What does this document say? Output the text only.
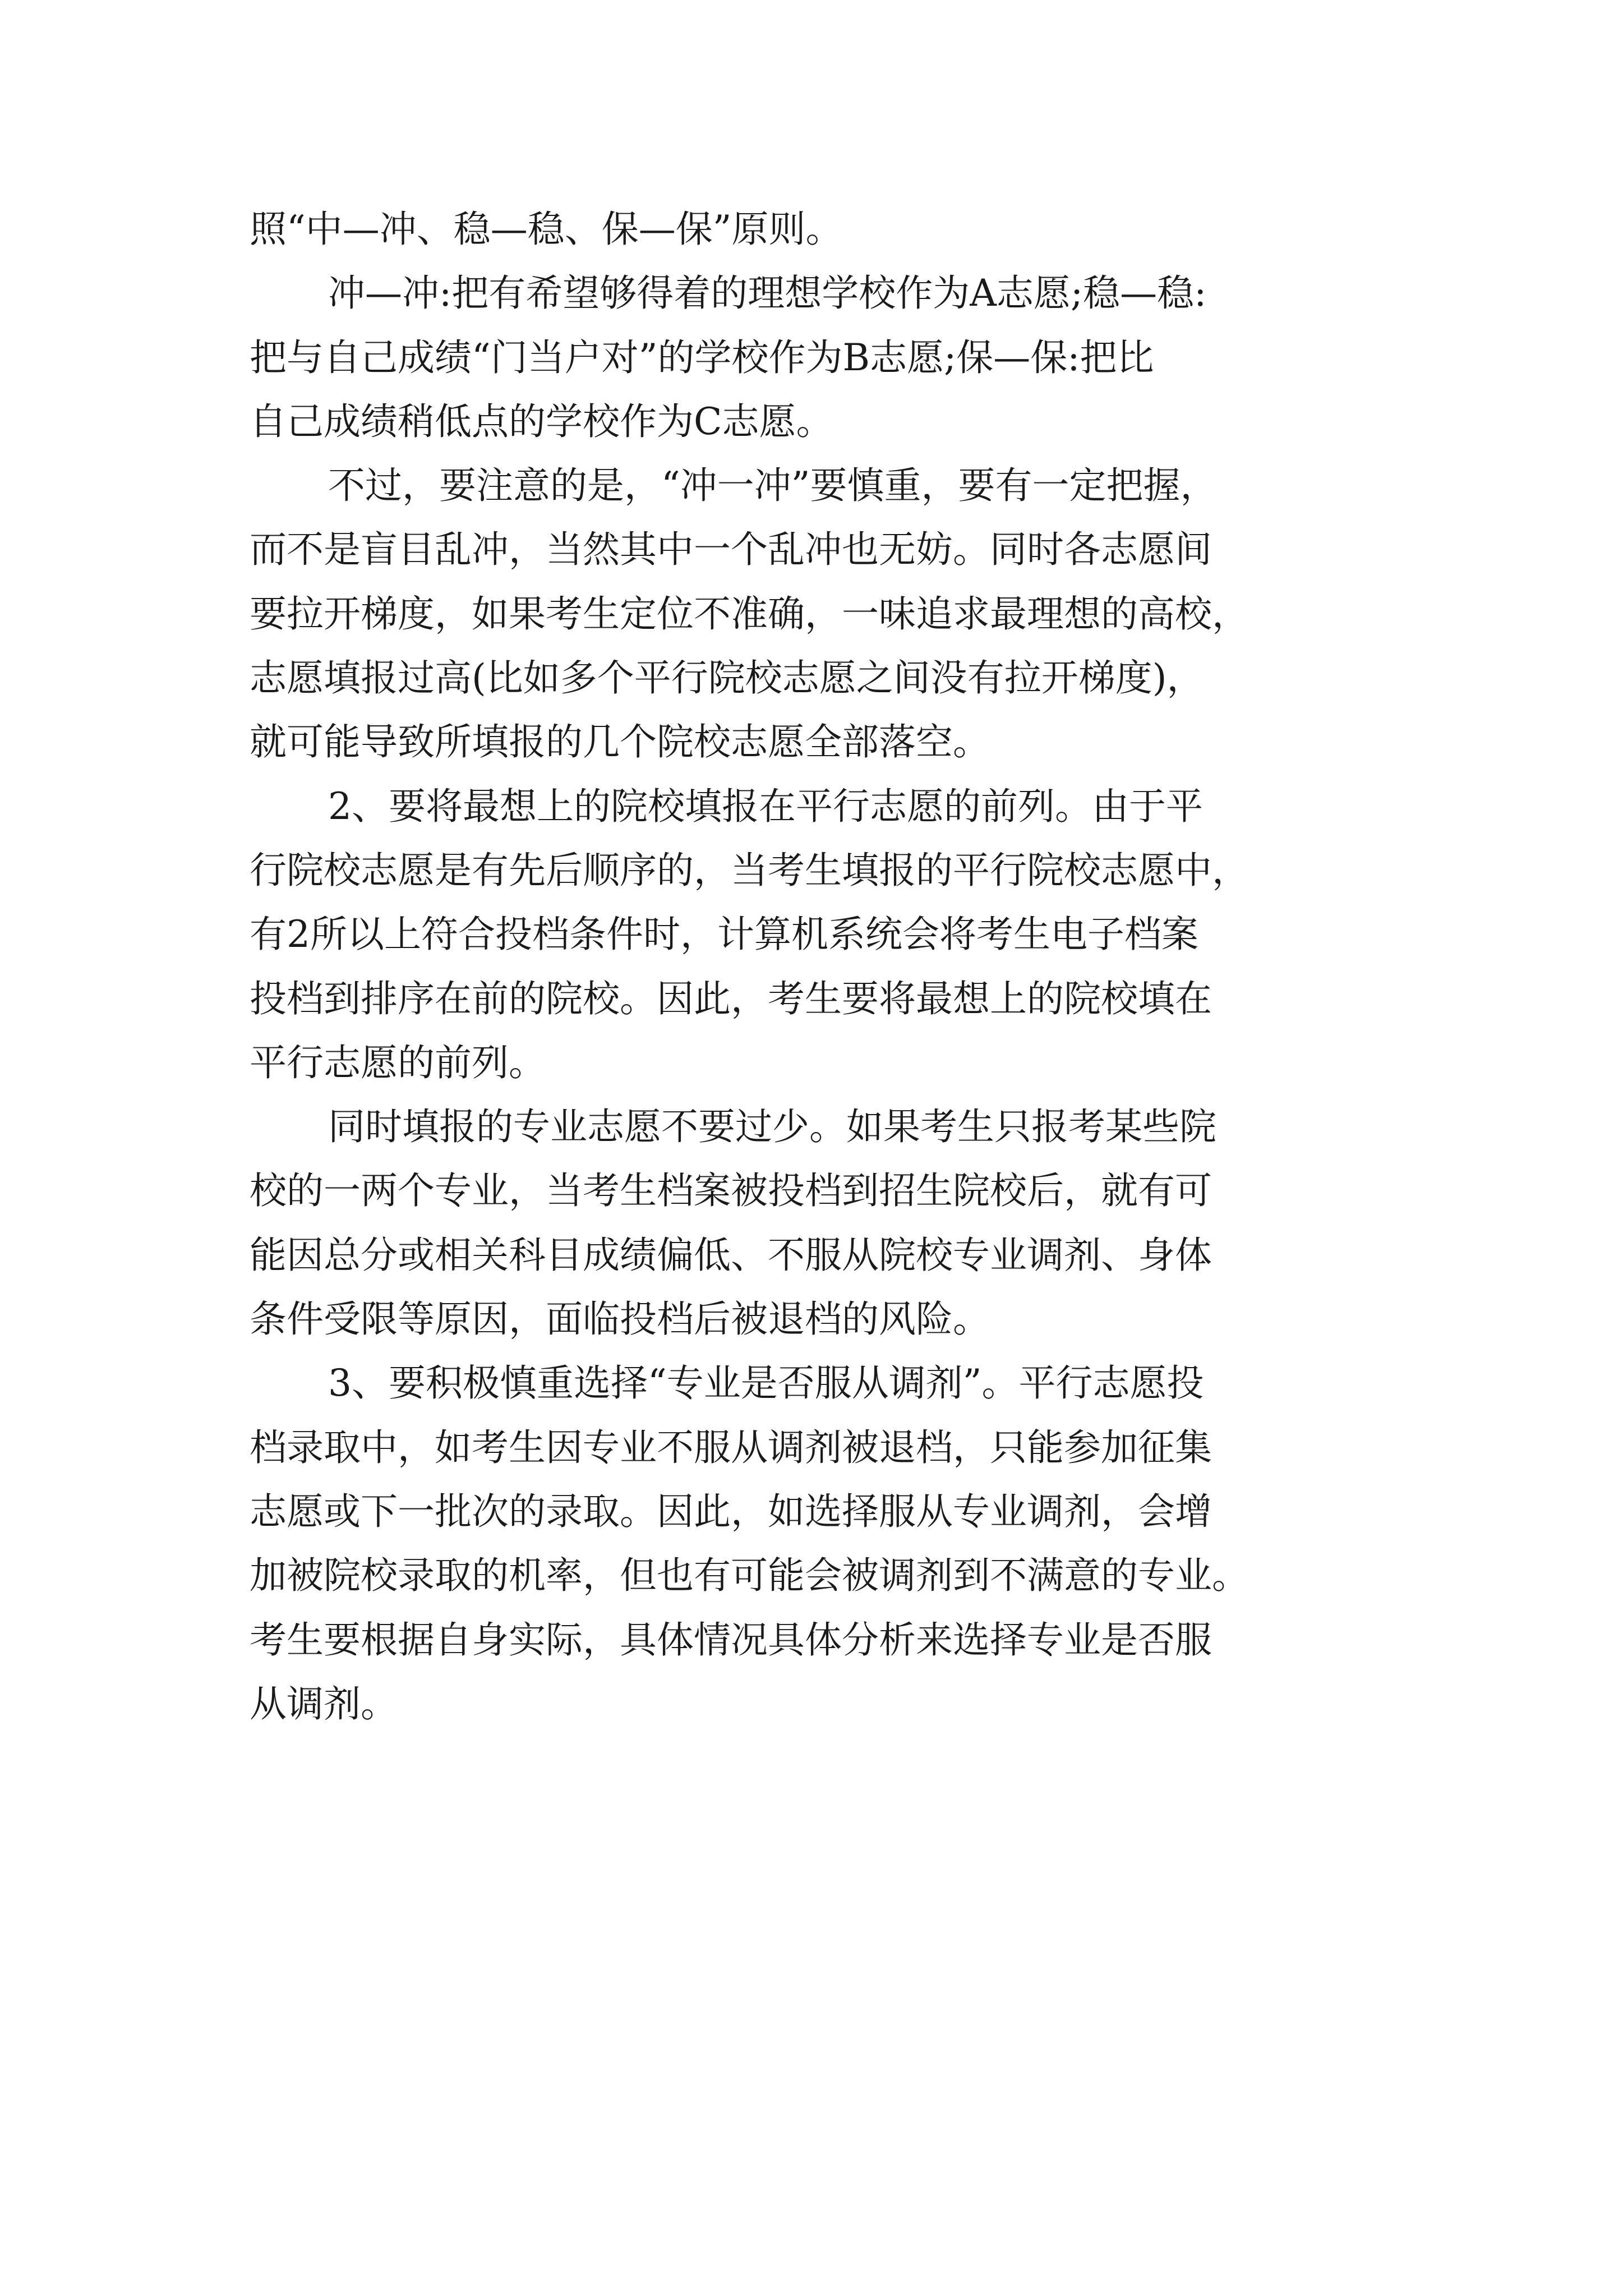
照“中—冲、稳—稳、保—保”原则。
冲—冲:把有希望够得着的理想学校作为A志愿;稳—稳:
把与自己成绩“门当户对”的学校作为B志愿;保—保:把比
自己成绩稍低点的学校作为C志愿。
不过，要注意的是，“冲一冲”要慎重，要有一定把握，
而不是盲目乱冲，当然其中一个乱冲也无妨。同时各志愿间
要拉开梯度，如果考生定位不准确，一味追求最理想的高校，
志愿填报过高(比如多个平行院校志愿之间没有拉开梯度)，
就可能导致所填报的几个院校志愿全部落空。
2、要将最想上的院校填报在平行志愿的前列。由于平
行院校志愿是有先后顺序的，当考生填报的平行院校志愿中，
有2所以上符合投档条件时，计算机系统会将考生电子档案
投档到排序在前的院校。因此，考生要将最想上的院校填在
平行志愿的前列。
同时填报的专业志愿不要过少。如果考生只报考某些院
校的一两个专业，当考生档案被投档到招生院校后，就有可
能因总分或相关科目成绩偏低、不服从院校专业调剂、身体
条件受限等原因，面临投档后被退档的风险。
3、要积极慎重选择“专业是否服从调剂”。平行志愿投
档录取中，如考生因专业不服从调剂被退档，只能参加征集
志愿或下一批次的录取。因此，如选择服从专业调剂，会增
加被院校录取的机率，但也有可能会被调剂到不满意的专业。
考生要根据自身实际，具体情况具体分析来选择专业是否服
从调剂。
